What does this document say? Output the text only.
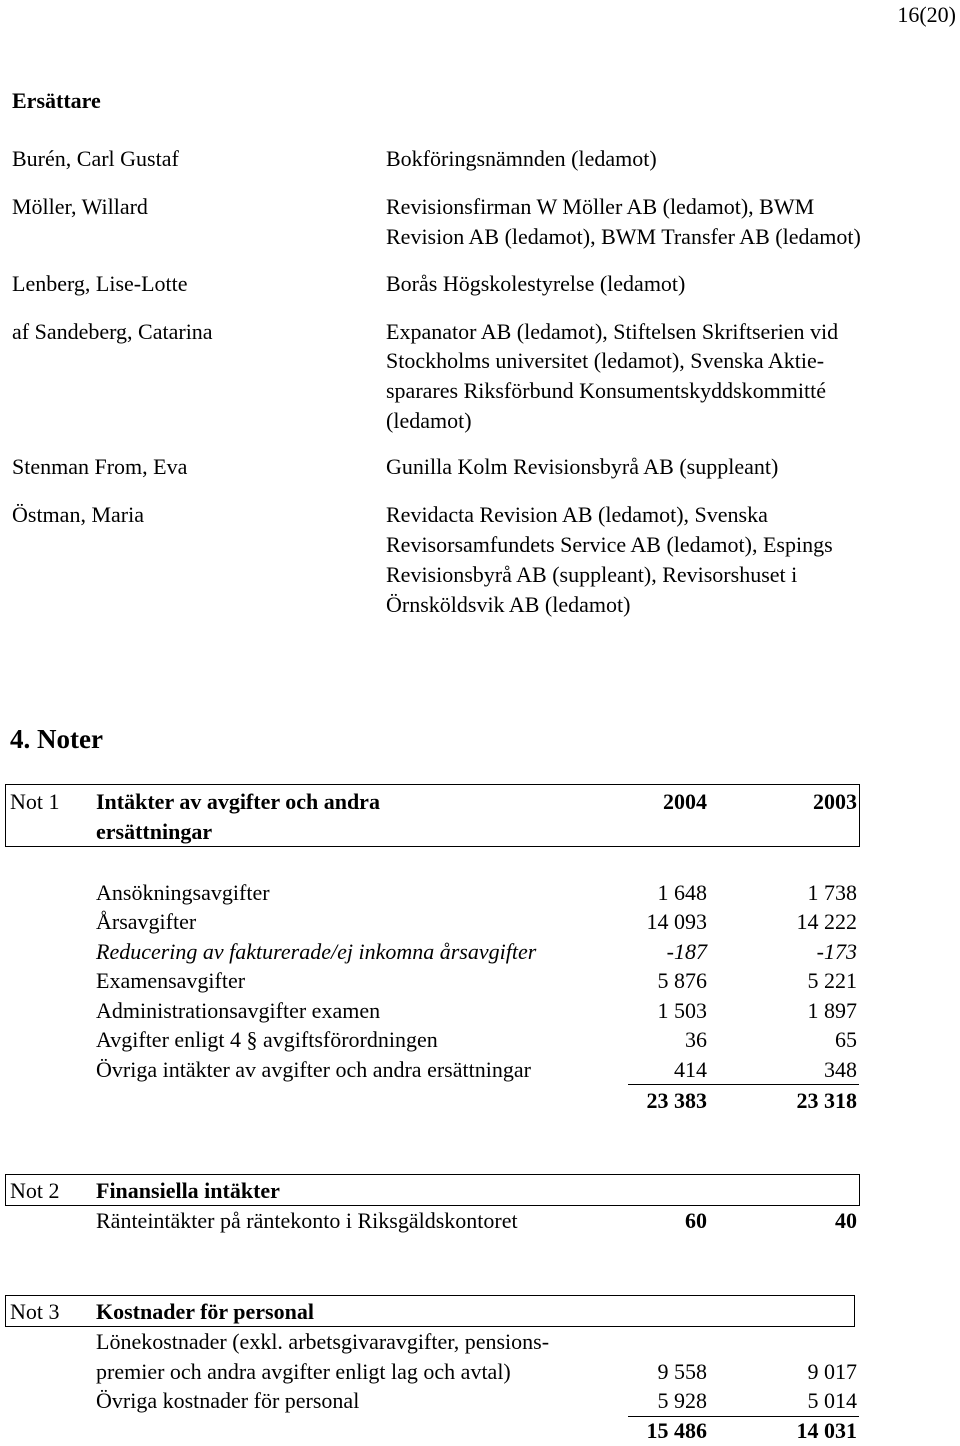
16(20)
Ersättare
Burén, Carl Gustaf	Bokföringsnämnden (ledamot)
Möller, Willard	Revisionsfirman W Möller AB (ledamot), BWM
Revision AB (ledamot), BWM Transfer AB (ledamot)
Lenberg, Lise-Lotte	Borås Högskolestyrelse (ledamot)
af Sandeberg, Catarina	Expanator AB (ledamot), Stiftelsen Skriftserien vid
Stockholms universitet (ledamot), Svenska Aktie-
sparares Riksförbund Konsumentskyddskommitté
(ledamot)
Stenman From, Eva	Gunilla Kolm Revisionsbyrå AB (suppleant)
Östman, Maria	Revidacta Revision AB (ledamot), Svenska
Revisorsamfundets Service AB (ledamot), Espings
Revisionsbyrå AB (suppleant), Revisorshuset i
Örnsköldsvik AB (ledamot)
4. Noter
Not 1 Intäkter av avgifter och andra
ersättningar
2004	2003
Ansökningsavgifter	1 648	1 738
Årsavgifter	14 093	14 222
Reducering av fakturerade/ej inkomna årsavgifter	-187	-173
Examensavgifter	5 876	5 221
Administrationsavgifter examen	1 503	1 897
Avgifter enligt 4 § avgiftsförordningen	36	65
Övriga intäkter av avgifter och andra ersättningar	414	348
23 383	23 318
Not 2 Finansiella intäkter
Ränteintäkter på räntekonto i Riksgäldskontoret	60	40
Not 3 Kostnader för personal
Lönekostnader (exkl. arbetsgivaravgifter, pensions-
premier och andra avgifter enligt lag och avtal)	9 558	9 017
Övriga kostnader för personal	5 928	5 014
15 486	14 031
